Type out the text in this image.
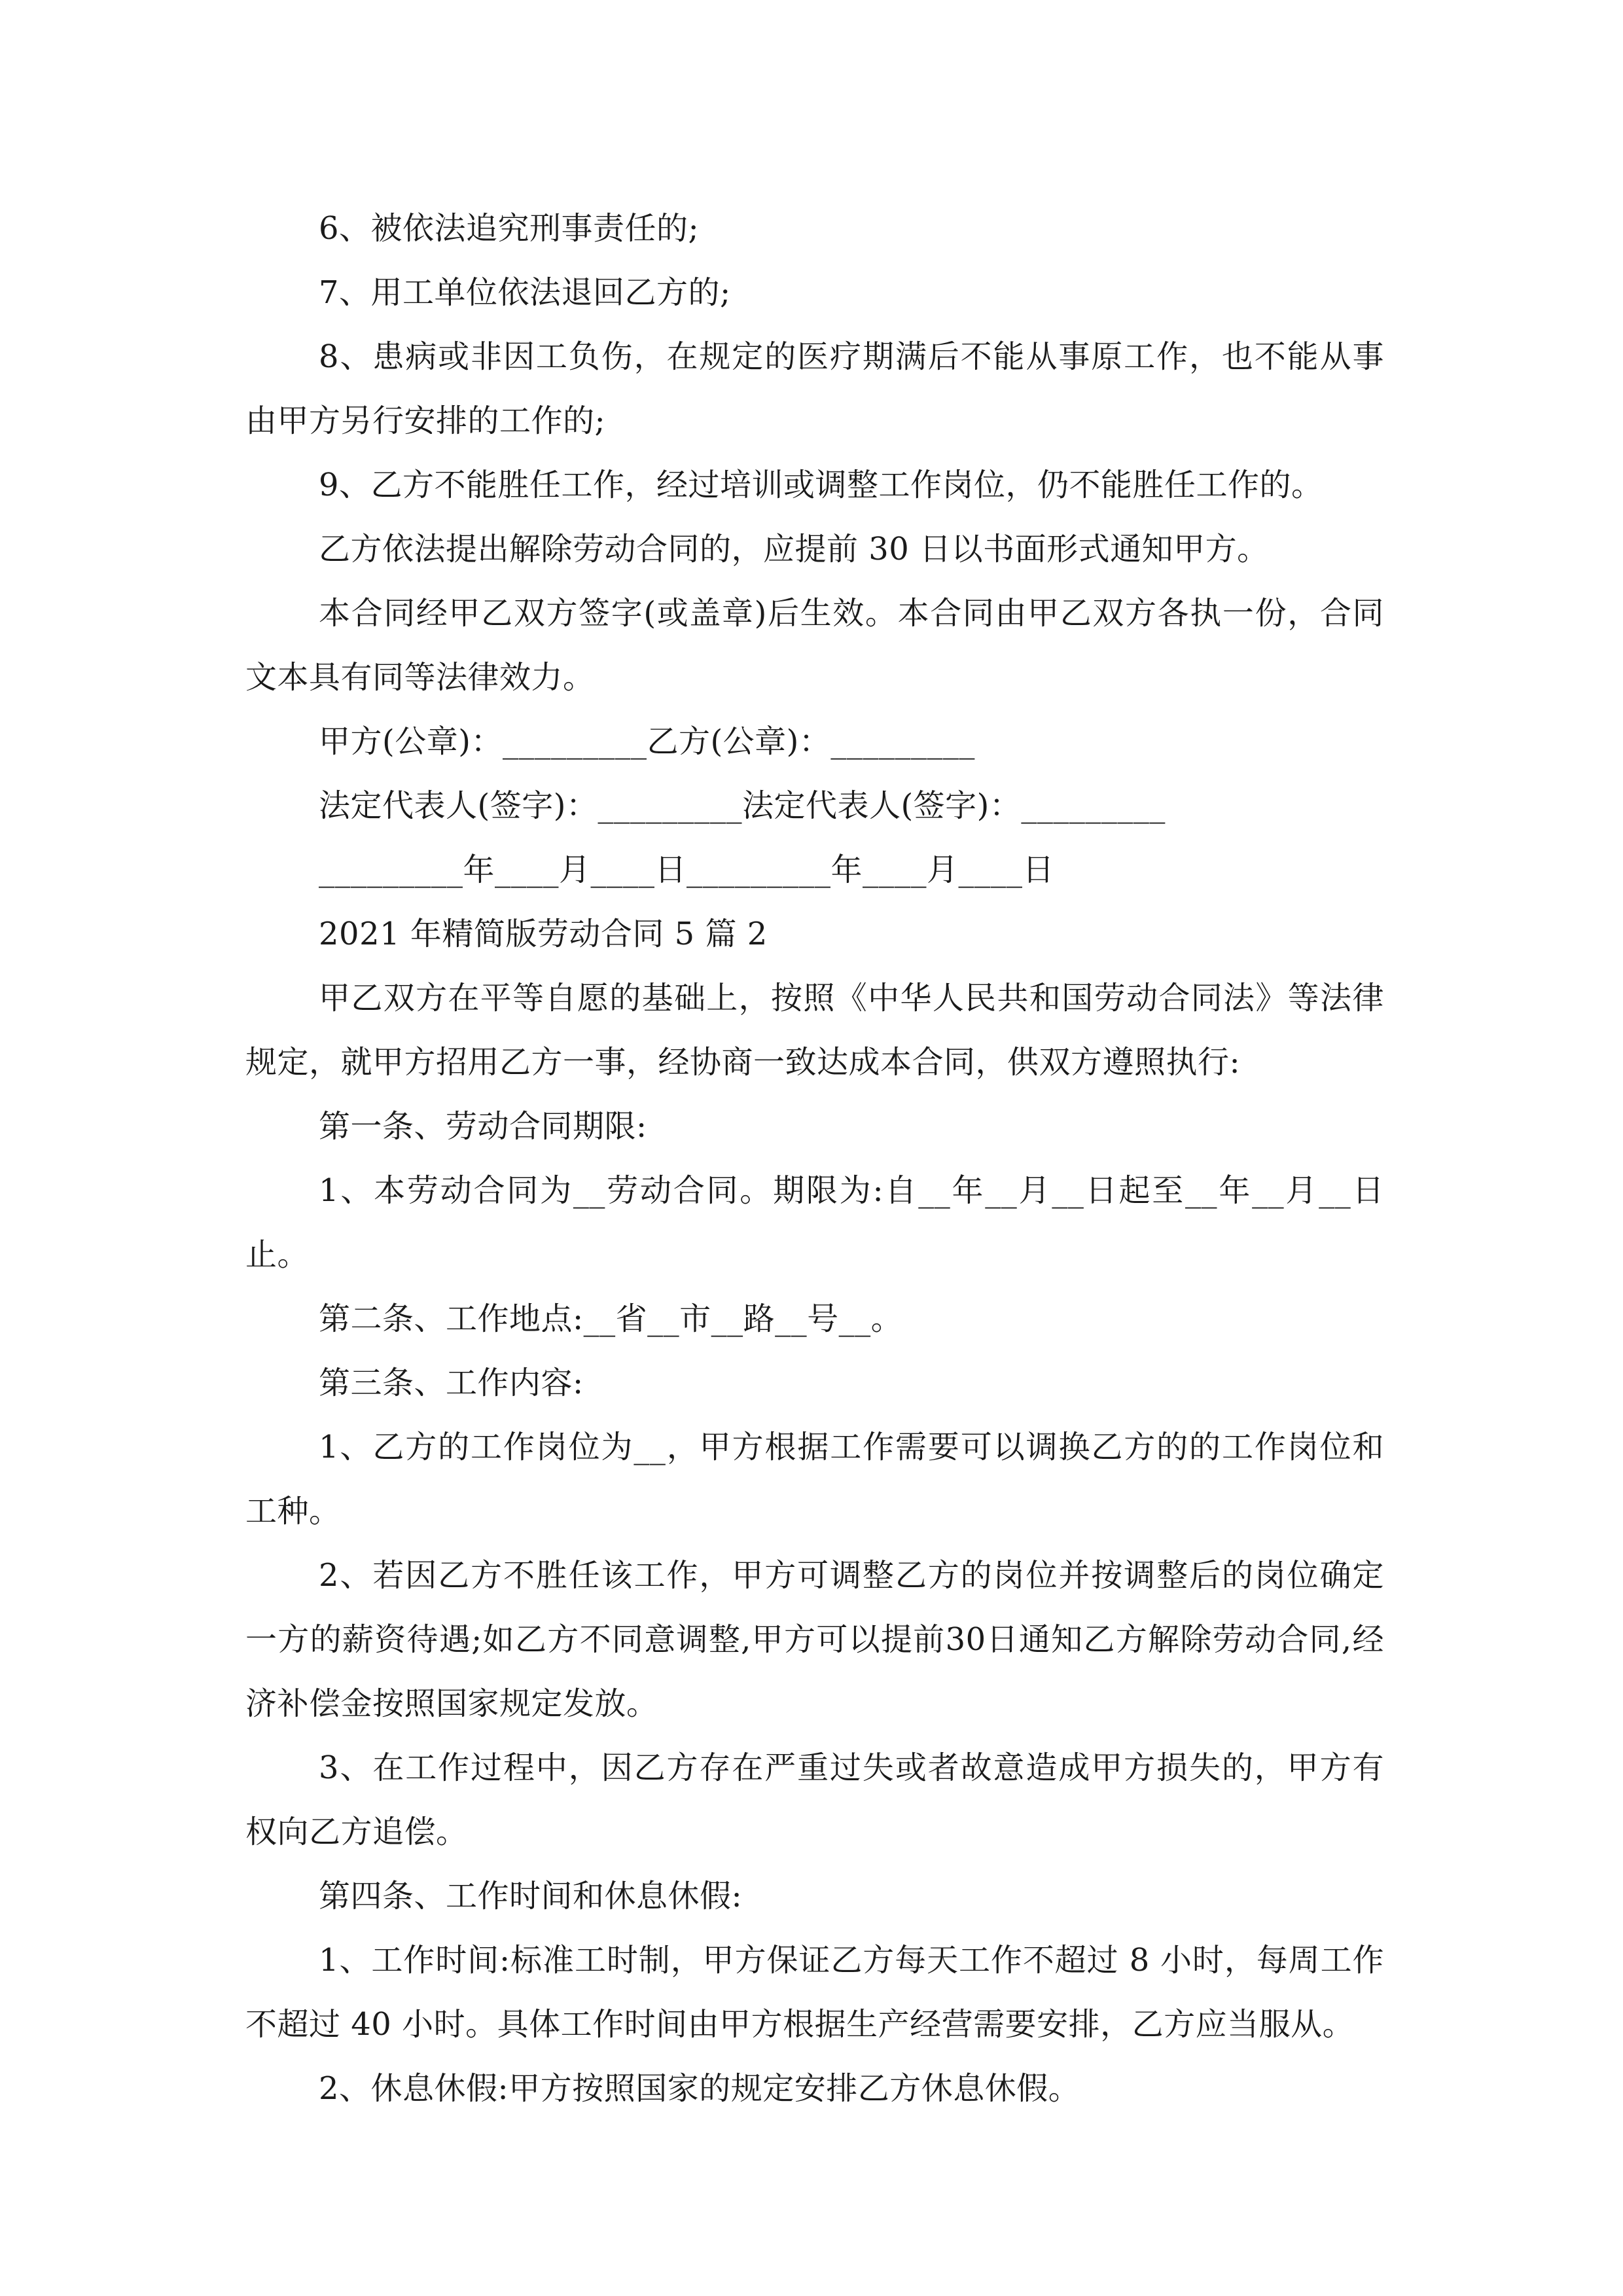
6、被依法追究刑事责任的;

7、用工单位依法退回乙方的;

8、患病或非因工负伤，在规定的医疗期满后不能从事原工作，也不能从事由甲方另行安排的工作的;

9、乙方不能胜任工作，经过培训或调整工作岗位，仍不能胜任工作的。

乙方依法提出解除劳动合同的，应提前 30 日以书面形式通知甲方。

本合同经甲乙双方签字(或盖章)后生效。本合同由甲乙双方各执一份，合同文本具有同等法律效力。

甲方(公章)：_________乙方(公章)：_________

法定代表人(签字)：_________法定代表人(签字)：_________

_________年____月____日_________年____月____日

2021 年精简版劳动合同 5 篇 2

甲乙双方在平等自愿的基础上，按照《中华人民共和国劳动合同法》等法律规定，就甲方招用乙方一事，经协商一致达成本合同，供双方遵照执行:

第一条、劳动合同期限:

1、本劳动合同为__劳动合同。期限为:自__年__月__日起至__年__月__日止。

第二条、工作地点:__省__市__路__号__。

第三条、工作内容:

1、乙方的工作岗位为__，甲方根据工作需要可以调换乙方的的工作岗位和工种。

2、若因乙方不胜任该工作，甲方可调整乙方的岗位并按调整后的岗位确定一方的薪资待遇;如乙方不同意调整,甲方可以提前30日通知乙方解除劳动合同,经济补偿金按照国家规定发放。

3、在工作过程中，因乙方存在严重过失或者故意造成甲方损失的，甲方有权向乙方追偿。

第四条、工作时间和休息休假:

1、工作时间:标准工时制，甲方保证乙方每天工作不超过 8 小时，每周工作不超过 40 小时。具体工作时间由甲方根据生产经营需要安排，乙方应当服从。

2、休息休假:甲方按照国家的规定安排乙方休息休假。
